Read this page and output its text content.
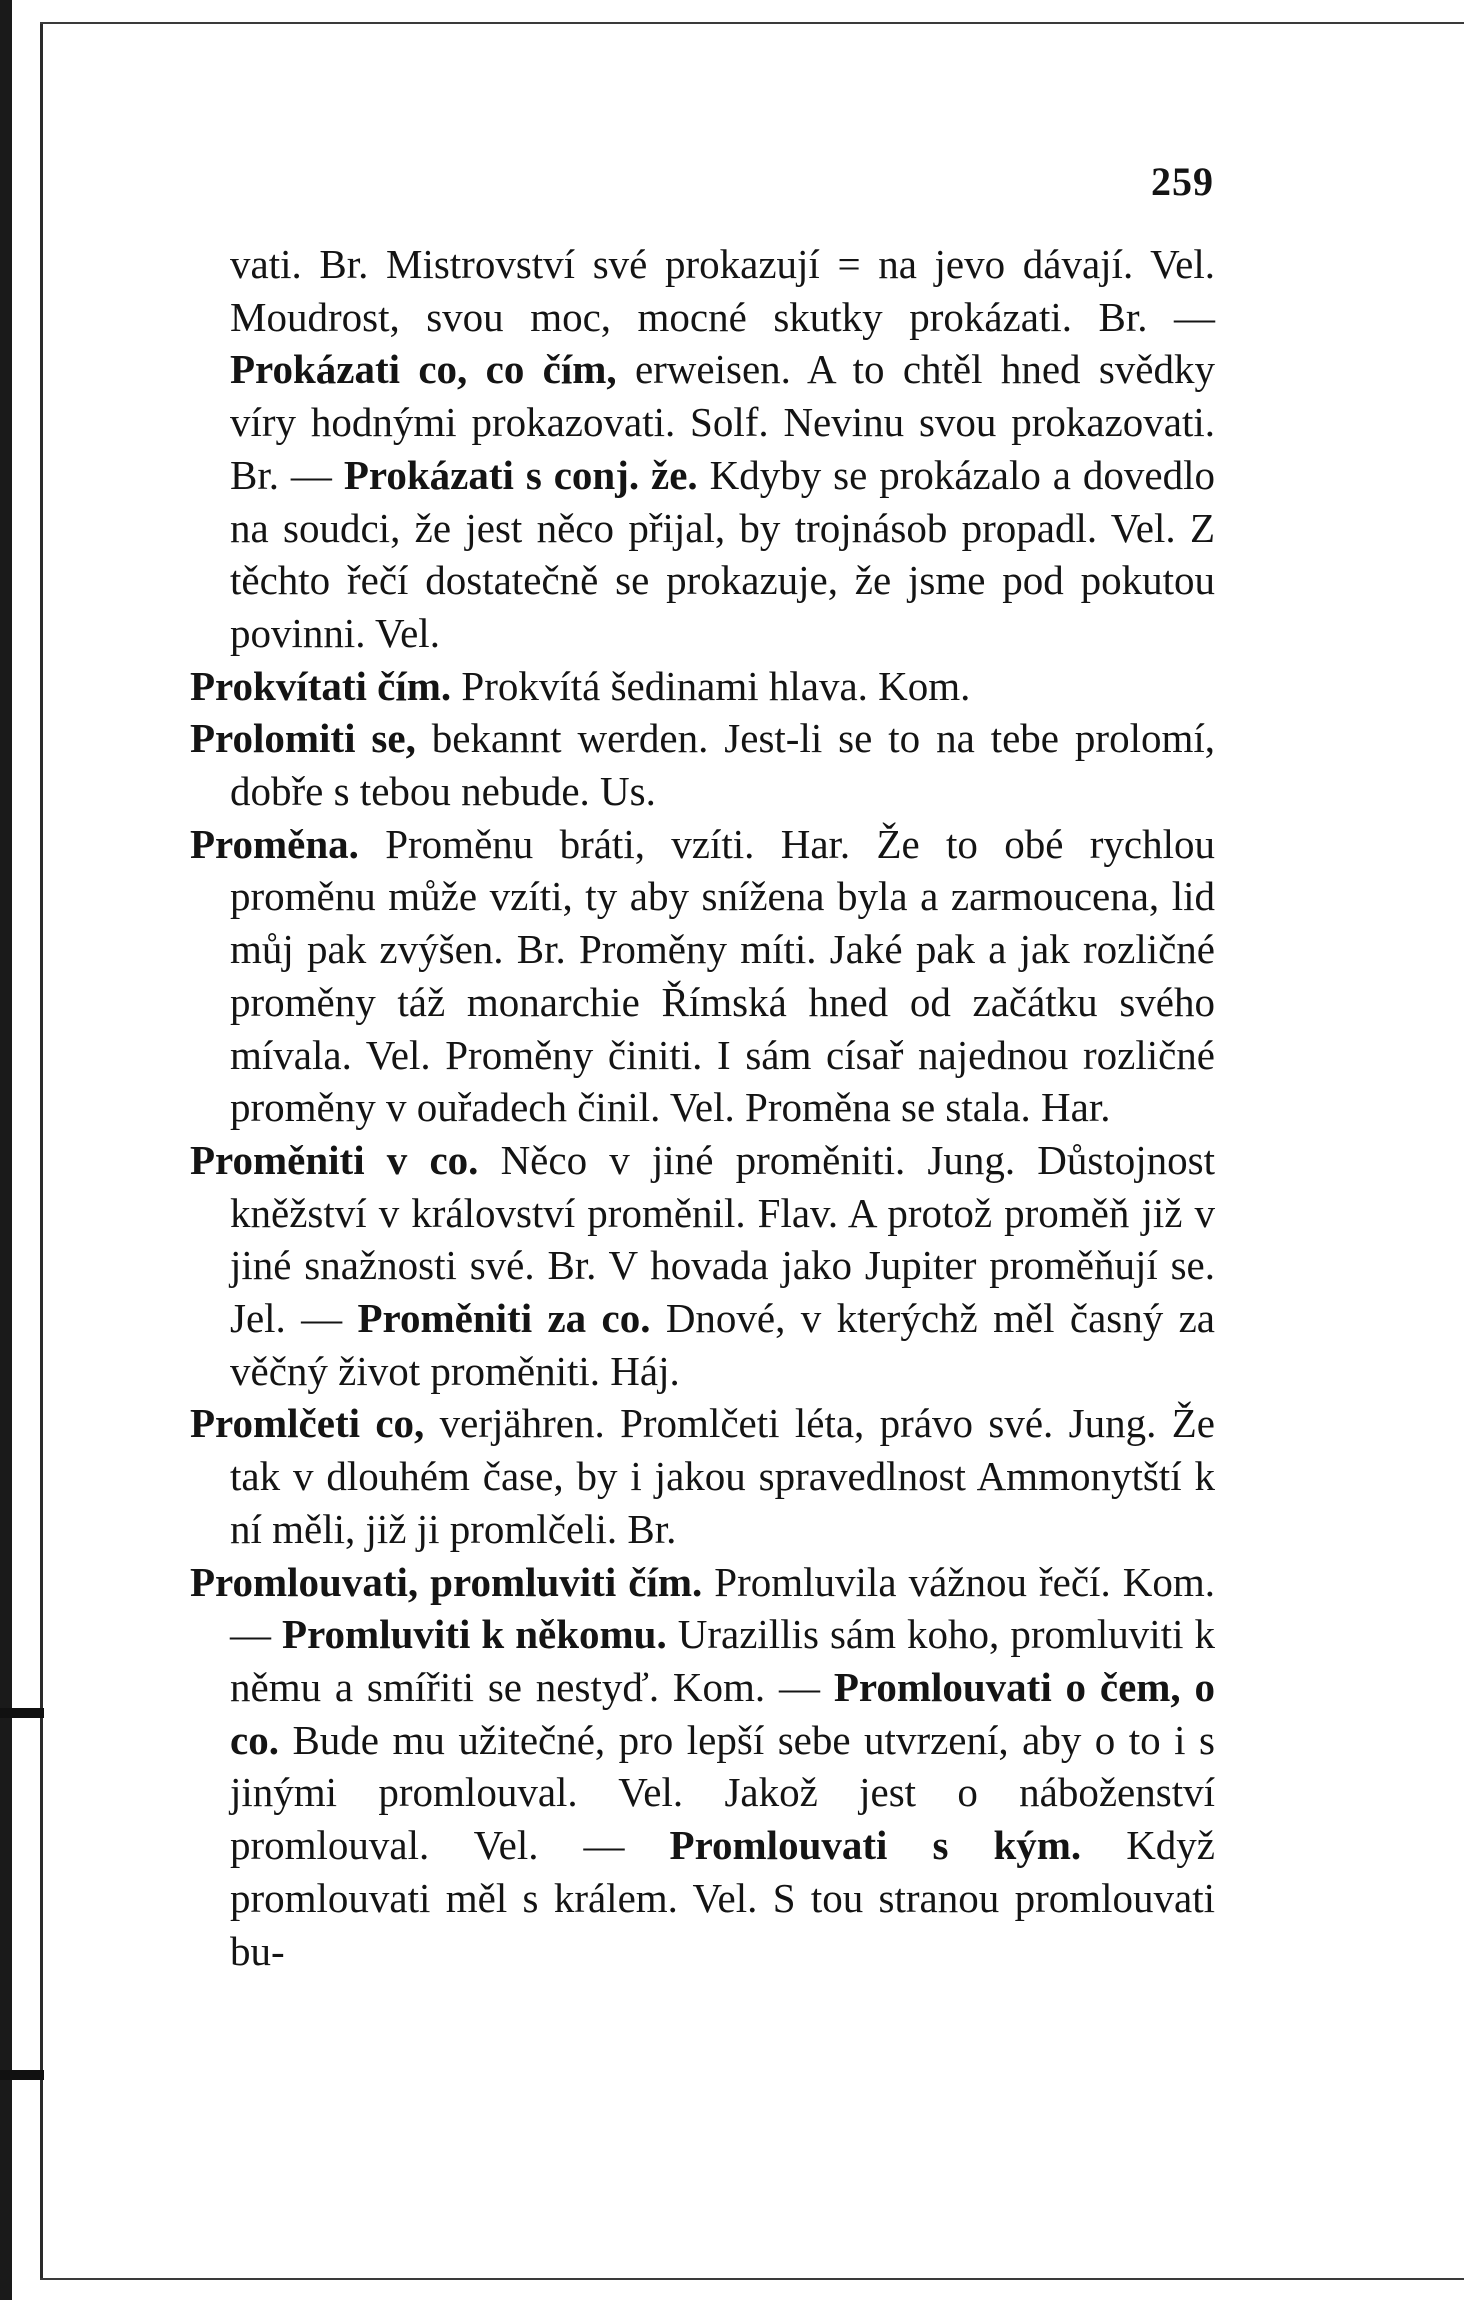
259

vati. Br. Mistrovství své prokazují = na jevo dávají. Vel. Moudrost, svou moc, mocné skutky prokázati. Br. — Prokázati co, co čím, erweisen. A to chtěl hned svědky víry hodnými prokazovati. Solf. Nevinu svou prokazovati. Br. — Prokázati s conj. že. Kdyby se prokázalo a dovedlo na soudci, že jest něco přijal, by trojnásob propadl. Vel. Z těchto řečí dostatečně se prokazuje, že jsme pod pokutou povinni. Vel.

Prokvítati čím. Prokvítá šedinami hlava. Kom.

Prolomiti se, bekannt werden. Jest-li se to na tebe prolomí, dobře s tebou nebude. Us.

Proměna. Proměnu bráti, vzíti. Har. Že to obé rychlou proměnu může vzíti, ty aby snížena byla a zarmoucena, lid můj pak zvýšen. Br. Proměny míti. Jaké pak a jak rozličné proměny táž monarchie Římská hned od začátku svého mívala. Vel. Proměny činiti. I sám císař najednou rozličné proměny v ouřadech činil. Vel. Proměna se stala. Har.

Proměniti v co. Něco v jiné proměniti. Jung. Důstojnost kněžství v království proměnil. Flav. A protož proměň již v jiné snažnosti své. Br. V hovada jako Jupiter proměňují se. Jel. — Proměniti za co. Dnové, v kterýchž měl časný za věčný život proměniti. Háj.

Promlčeti co, verjähren. Promlčeti léta, právo své. Jung. Že tak v dlouhém čase, by i jakou spravedlnost Ammonytští k ní měli, již ji promlčeli. Br.

Promlouvati, promluviti čím. Promluvila vážnou řečí. Kom. — Promluviti k někomu. Urazillis sám koho, promluviti k němu a smířiti se nestyď. Kom. — Promlouvati o čem, o co. Bude mu užitečné, pro lepší sebe utvrzení, aby o to i s jinými promlouval. Vel. Jakož jest o náboženství promlouval. Vel. — Promlouvati s kým. Když promlouvati měl s králem. Vel. S tou stranou promlouvati bu-
